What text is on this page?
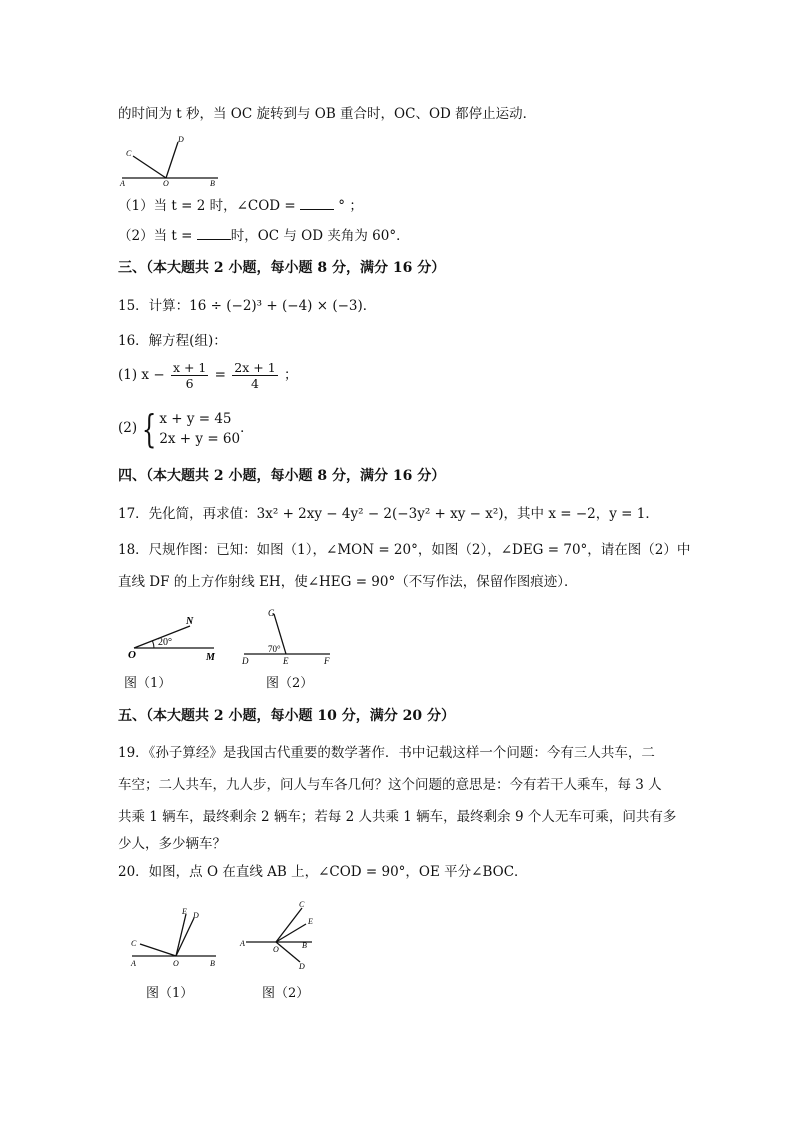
的时间为 t 秒，当 OC 旋转到与 OB 重合时，OC、OD 都停止运动．
C
D
A	O	B
（1）当 t = 2 时，∠COD =	° ；
（2）当 t =	时，OC 与 OD 夹角为 60°．
三、（本大题共 2 小题，每小题 8 分，满分 16 分）
15．计算：16 ÷ (−2)³ + (−4) × (−3)．
16．解方程(组)：
(1) $x - \frac{x + 1}{6} = \frac{2x + 1}{4}$ ；
(2) { x + y = 45
2x + y = 60
．
四、（本大题共 2 小题，每小题 8 分，满分 16 分）
17．先化简，再求值：3x² + 2xy − 4y² − 2(−3y² + xy − x²)，其中 x = −2，y = 1．
18．尺规作图：已知：如图（1），∠MON = 20°，如图（2），∠DEG = 70°，请在图（2）中
直线 DF 的上方作射线 EH，使∠HEG = 90°（不写作法，保留作图痕迹）．
N
O	M
20°
图（1）
G
D	E	F
70°
图（2）
五、（本大题共 2 小题，每小题 10 分，满分 20 分）
19．《孙子算经》是我国古代重要的数学著作．书中记载这样一个问题：今有三人共车，二
车空；二人共车，九人步，问人与车各几何？这个问题的意思是：今有若干人乘车，每 3 人
共乘 1 辆车，最终剩余 2 辆车；若每 2 人共乘 1 辆车，最终剩余 9 个人无车可乘，问共有多
少人，多少辆车？
20．如图，点 O 在直线 AB 上，∠COD = 90°，OE 平分∠BOC．
C
E D
A	O	B
图（1）
C
E
A
O	B
D
图（2）
